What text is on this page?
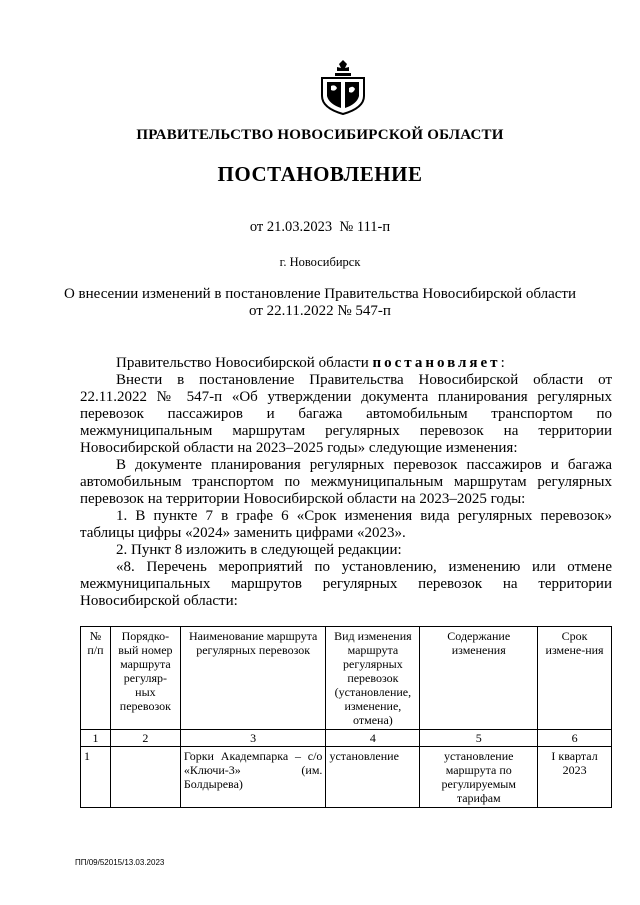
ПРАВИТЕЛЬСТВО НОВОСИБИРСКОЙ ОБЛАСТИ
ПОСТАНОВЛЕНИЕ
от 21.03.2023  № 111-п
г. Новосибирск
О внесении изменений в постановление Правительства Новосибирской области
от 22.11.2022 № 547-п

Правительство Новосибирской области постановляет:

Внести в постановление Правительства Новосибирской области от 22.11.2022 № 547-п «Об утверждении документа планирования регулярных перевозок пассажиров и багажа автомобильным транспортом по межмуниципальным маршрутам регулярных перевозок на территории Новосибирской области на 2023–2025 годы» следующие изменения:

В документе планирования регулярных перевозок пассажиров и багажа автомобильным транспортом по межмуниципальным маршрутам регулярных перевозок на территории Новосибирской области на 2023–2025 годы:

1. В пункте 7 в графе 6 «Срок изменения вида регулярных перевозок» таблицы цифры «2024» заменить цифрами «2023».

2. Пункт 8 изложить в следующей редакции:

«8. Перечень мероприятий по установлению, изменению или отмене межмуниципальных маршрутов регулярных перевозок на территории Новосибирской области:

№ п/п	Порядко-вый номер маршрута регуляр-ных перевозок	Наименование маршрута регулярных перевозок	Вид изменения маршрута регулярных перевозок (установление, изменение, отмена)	Содержание изменения	Срок измене-ния
1	2	3	4	5	6
1		Горки Академпарка – с/о «Ключи-3» (им. Болдырева)	установление	установление маршрута по регулируемым тарифам	I квартал 2023
ПП/09/52015/13.03.2023
